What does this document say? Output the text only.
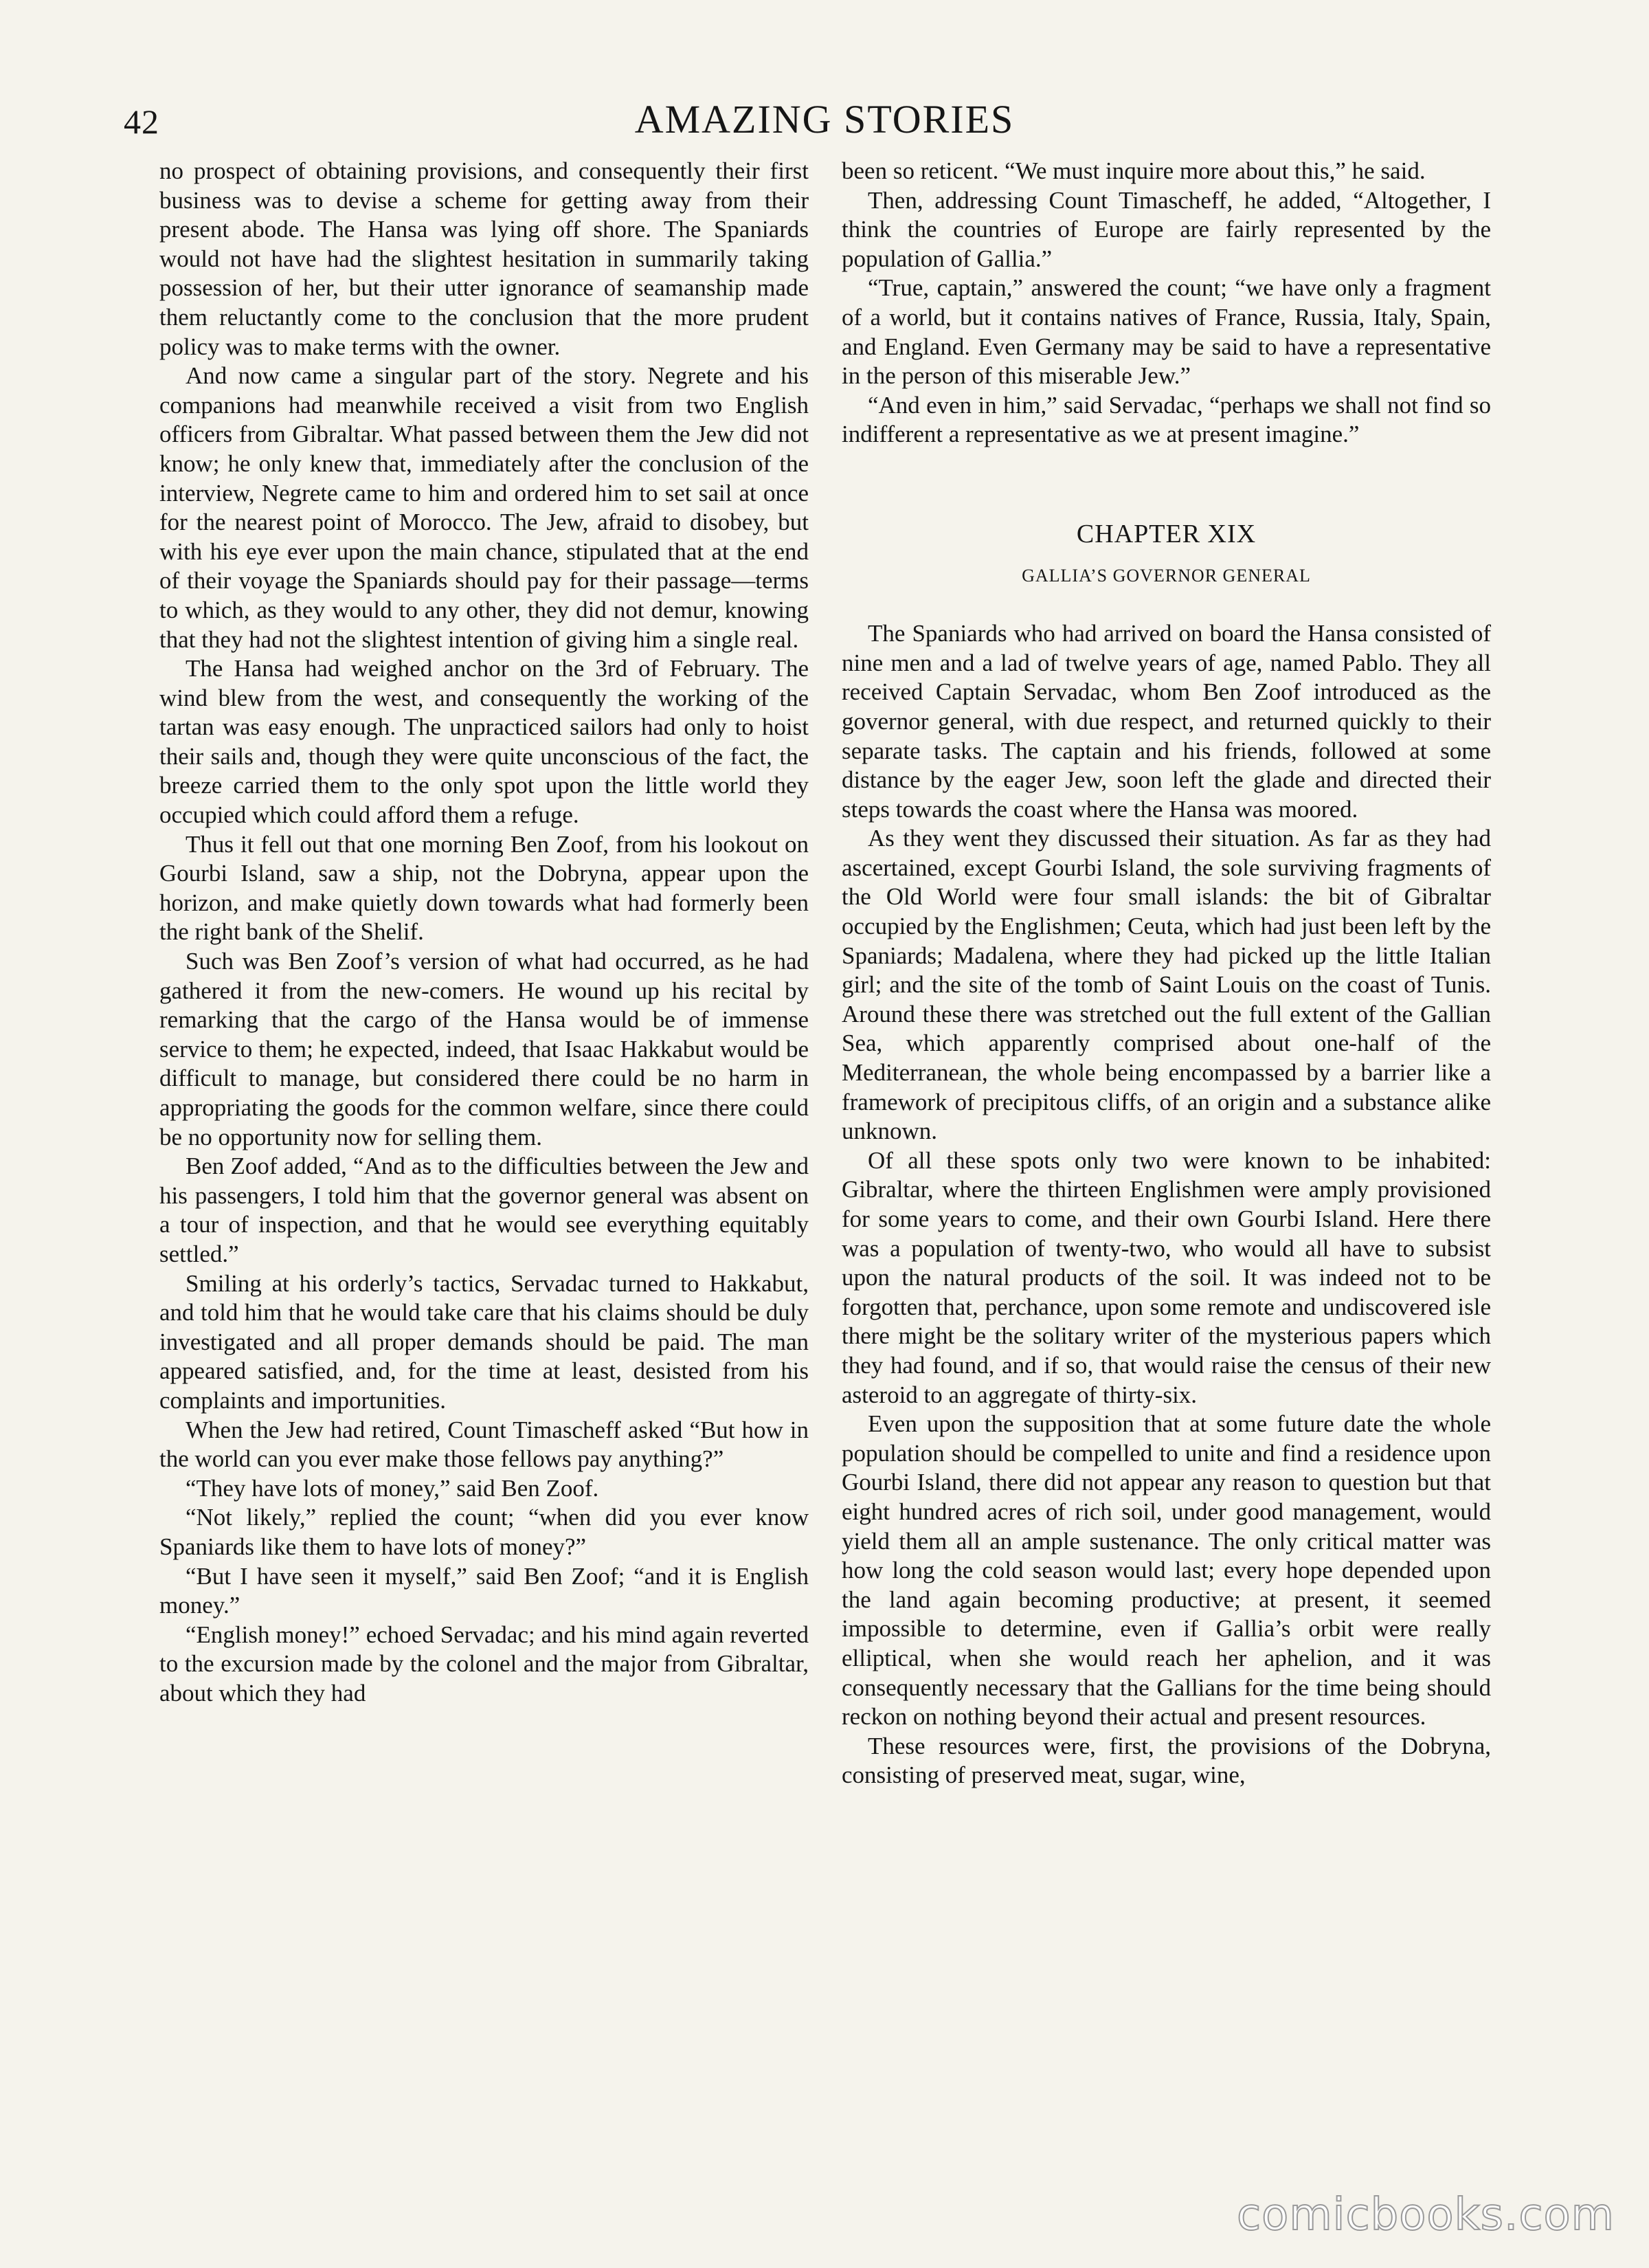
42	AMAZING STORIES

no prospect of obtaining provisions, and consequently their first business was to devise a scheme for getting away from their present abode. The Hansa was lying off shore. The Spaniards would not have had the slightest hesitation in summarily taking possession of her, but their utter ignorance of seamanship made them reluctantly come to the conclusion that the more prudent policy was to make terms with the owner.

And now came a singular part of the story. Negrete and his companions had meanwhile received a visit from two English officers from Gibraltar. What passed between them the Jew did not know; he only knew that, immediately after the conclusion of the interview, Negrete came to him and ordered him to set sail at once for the nearest point of Morocco. The Jew, afraid to disobey, but with his eye ever upon the main chance, stipulated that at the end of their voyage the Spaniards should pay for their passage—terms to which, as they would to any other, they did not demur, knowing that they had not the slightest intention of giving him a single real.

The Hansa had weighed anchor on the 3rd of February. The wind blew from the west, and consequently the working of the tartan was easy enough. The unpracticed sailors had only to hoist their sails and, though they were quite unconscious of the fact, the breeze carried them to the only spot upon the little world they occupied which could afford them a refuge.

Thus it fell out that one morning Ben Zoof, from his lookout on Gourbi Island, saw a ship, not the Dobryna, appear upon the horizon, and make quietly down towards what had formerly been the right bank of the Shelif.

Such was Ben Zoof’s version of what had occurred, as he had gathered it from the new-comers. He wound up his recital by remarking that the cargo of the Hansa would be of immense service to them; he expected, indeed, that Isaac Hakkabut would be difficult to manage, but considered there could be no harm in appropriating the goods for the common welfare, since there could be no opportunity now for selling them.

Ben Zoof added, “And as to the difficulties between the Jew and his passengers, I told him that the governor general was absent on a tour of inspection, and that he would see everything equitably settled.”

Smiling at his orderly’s tactics, Servadac turned to Hakkabut, and told him that he would take care that his claims should be duly investigated and all proper demands should be paid. The man appeared satisfied, and, for the time at least, desisted from his complaints and importunities.

When the Jew had retired, Count Timascheff asked “But how in the world can you ever make those fellows pay anything?”

“They have lots of money,” said Ben Zoof.

“Not likely,” replied the count; “when did you ever know Spaniards like them to have lots of money?”

“But I have seen it myself,” said Ben Zoof; “and it is English money.”

“English money!” echoed Servadac; and his mind again reverted to the excursion made by the colonel and the major from Gibraltar, about which they had

been so reticent. “We must inquire more about this,” he said.

Then, addressing Count Timascheff, he added, “Altogether, I think the countries of Europe are fairly represented by the population of Gallia.”

“True, captain,” answered the count; “we have only a fragment of a world, but it contains natives of France, Russia, Italy, Spain, and England. Even Germany may be said to have a representative in the person of this miserable Jew.”

“And even in him,” said Servadac, “perhaps we shall not find so indifferent a representative as we at present imagine.”

CHAPTER XIX
GALLIA’S GOVERNOR GENERAL

The Spaniards who had arrived on board the Hansa consisted of nine men and a lad of twelve years of age, named Pablo. They all received Captain Servadac, whom Ben Zoof introduced as the governor general, with due respect, and returned quickly to their separate tasks. The captain and his friends, followed at some distance by the eager Jew, soon left the glade and directed their steps towards the coast where the Hansa was moored.

As they went they discussed their situation. As far as they had ascertained, except Gourbi Island, the sole surviving fragments of the Old World were four small islands: the bit of Gibraltar occupied by the Englishmen; Ceuta, which had just been left by the Spaniards; Madalena, where they had picked up the little Italian girl; and the site of the tomb of Saint Louis on the coast of Tunis. Around these there was stretched out the full extent of the Gallian Sea, which apparently comprised about one-half of the Mediterranean, the whole being encompassed by a barrier like a framework of precipitous cliffs, of an origin and a substance alike unknown.

Of all these spots only two were known to be inhabited: Gibraltar, where the thirteen Englishmen were amply provisioned for some years to come, and their own Gourbi Island. Here there was a population of twenty-two, who would all have to subsist upon the natural products of the soil. It was indeed not to be forgotten that, perchance, upon some remote and undiscovered isle there might be the solitary writer of the mysterious papers which they had found, and if so, that would raise the census of their new asteroid to an aggregate of thirty-six.

Even upon the supposition that at some future date the whole population should be compelled to unite and find a residence upon Gourbi Island, there did not appear any reason to question but that eight hundred acres of rich soil, under good management, would yield them all an ample sustenance. The only critical matter was how long the cold season would last; every hope depended upon the land again becoming productive; at present, it seemed impossible to determine, even if Gallia’s orbit were really elliptical, when she would reach her aphelion, and it was consequently necessary that the Gallians for the time being should reckon on nothing beyond their actual and present resources.

These resources were, first, the provisions of the Dobryna, consisting of preserved meat, sugar, wine,

comicbooks.com
